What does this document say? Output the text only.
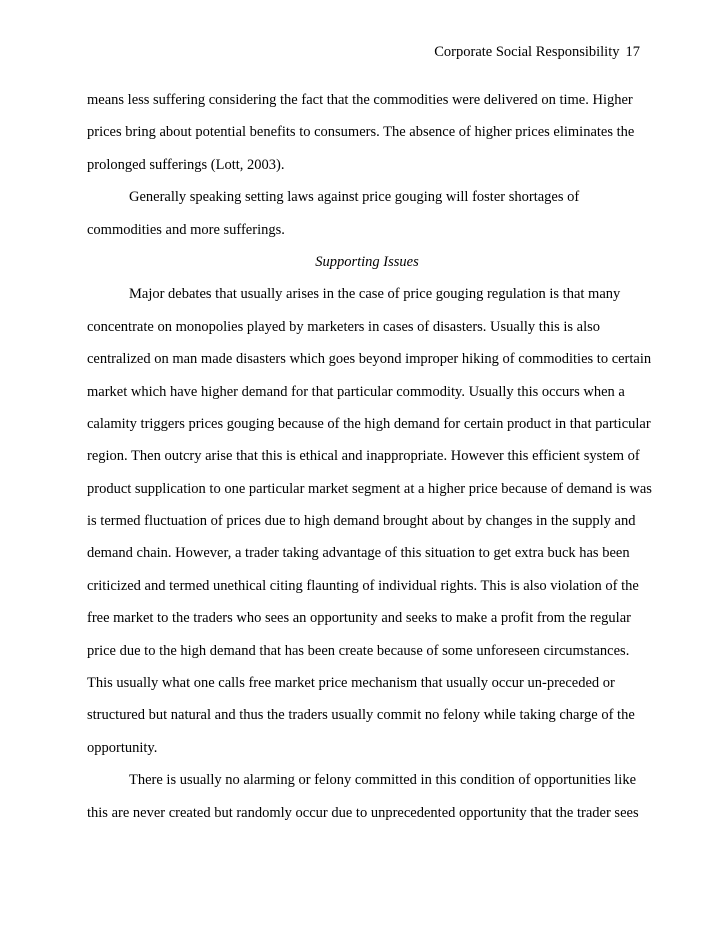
Corporate Social Responsibility 17
means less suffering considering the fact that the commodities were delivered on time. Higher
prices bring about potential benefits to consumers. The absence of higher prices eliminates the
prolonged sufferings (Lott, 2003).
Generally speaking setting laws against price gouging will foster shortages of
commodities and more sufferings.
Supporting Issues
Major debates that usually arises in the case of price gouging regulation is that many
concentrate on monopolies played by marketers in cases of disasters. Usually this is also
centralized on man made disasters which goes beyond improper hiking of commodities to certain
market which have higher demand for that particular commodity. Usually this occurs when a
calamity triggers prices gouging because of the high demand for certain product in that particular
region. Then outcry arise that this is ethical and inappropriate. However this efficient system of
product supplication to one particular market segment at a higher price because of demand is was
is termed fluctuation of prices due to high demand brought about by changes in the supply and
demand chain. However, a trader taking advantage of this situation to get extra buck has been
criticized and termed unethical citing flaunting of individual rights. This is also violation of the
free market to the traders who sees an opportunity and seeks to make a profit from the regular
price due to the high demand that has been create because of some unforeseen circumstances.
This usually what one calls free market price mechanism that usually occur un-preceded or
structured but natural and thus the traders usually commit no felony while taking charge of the
opportunity.
There is usually no alarming or felony committed in this condition of opportunities like
this are never created but randomly occur due to unprecedented opportunity that the trader sees
